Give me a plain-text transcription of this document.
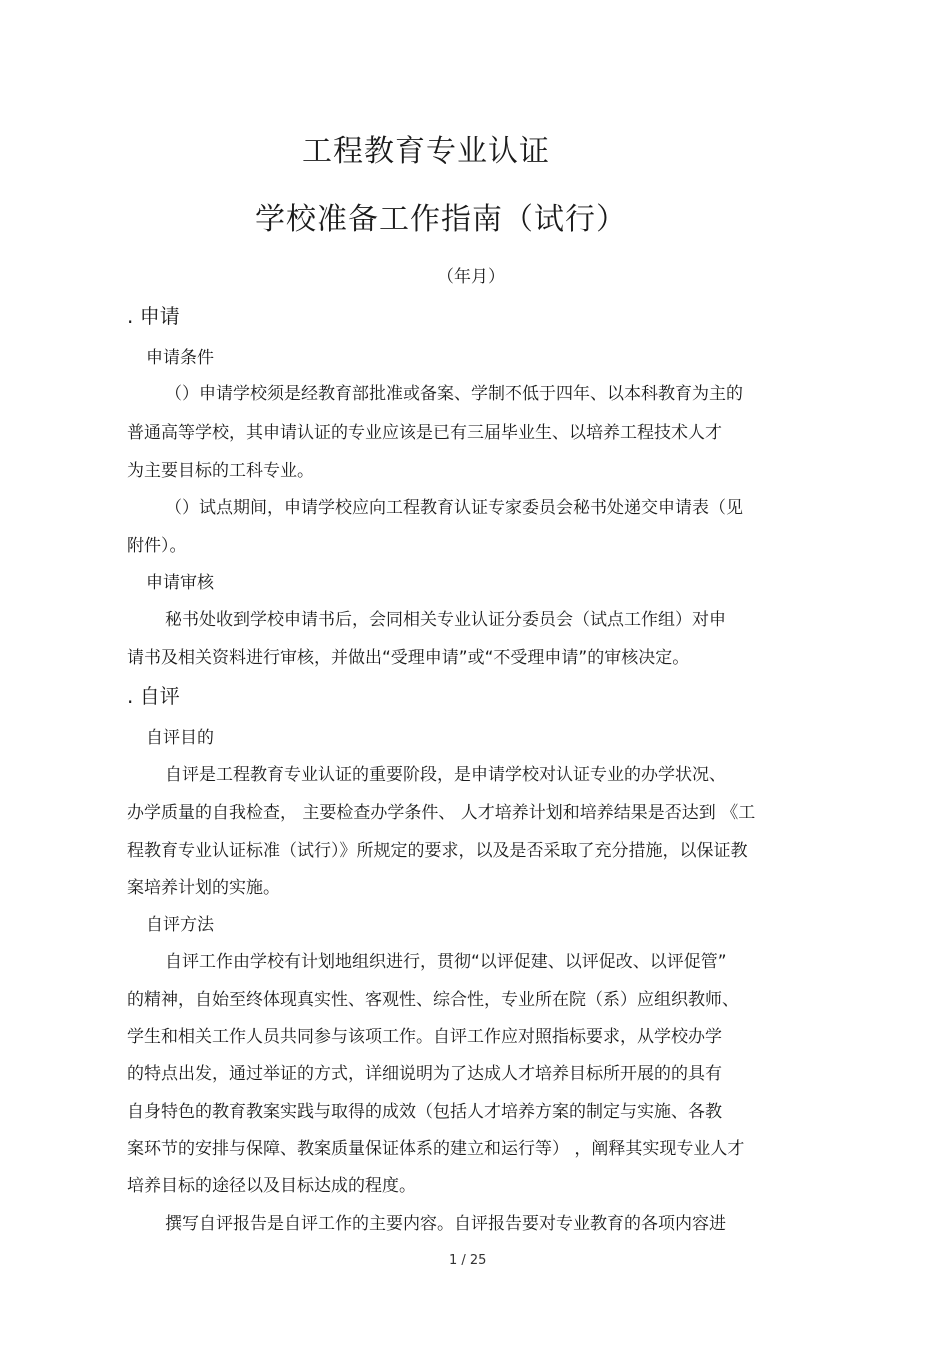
工程教育专业认证

学校准备工作指南（试行）

（年月）

. 申请

申请条件

（）申请学校须是经教育部批准或备案、学制不低于四年、以本科教育为主的

普通高等学校，其申请认证的专业应该是已有三届毕业生、以培养工程技术人才

为主要目标的工科专业。

（）试点期间，申请学校应向工程教育认证专家委员会秘书处递交申请表（见

附件）。

申请审核

秘书处收到学校申请书后，会同相关专业认证分委员会（试点工作组）对申

请书及相关资料进行审核，并做出“受理申请”或“不受理申请”的审核决定。

. 自评

自评目的

自评是工程教育专业认证的重要阶段，是申请学校对认证专业的办学状况、

办学质量的自我检查， 主要检查办学条件、 人才培养计划和培养结果是否达到 《工

程教育专业认证标准（试行）》所规定的要求，以及是否采取了充分措施，以保证教

案培养计划的实施。

自评方法

自评工作由学校有计划地组织进行，贯彻“以评促建、以评促改、以评促管”

的精神，自始至终体现真实性、客观性、综合性，专业所在院（系）应组织教师、

学生和相关工作人员共同参与该项工作。自评工作应对照指标要求，从学校办学

的特点出发，通过举证的方式，详细说明为了达成人才培养目标所开展的的具有

自身特色的教育教案实践与取得的成效（包括人才培养方案的制定与实施、各教

案环节的安排与保障、教案质量保证体系的建立和运行等） ，阐释其实现专业人才

培养目标的途径以及目标达成的程度。

撰写自评报告是自评工作的主要内容。自评报告要对专业教育的各项内容进

1 / 25
